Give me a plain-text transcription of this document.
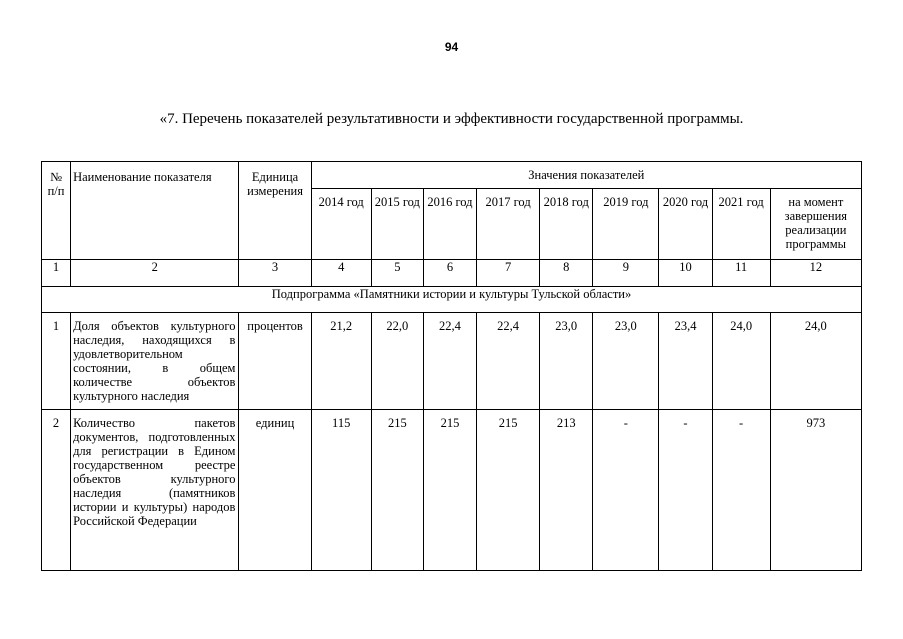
94
«7. Перечень показателей результативности и эффективности государственной программы.
№ п/п	Наименование показателя	Единица измерения	Значения показателей								
			2014 год	2015 год	2016 год	2017 год	2018 год	2019 год	2020 год	2021 год	на момент завершения реализации программы
1	2	3	4	5	6	7	8	9	10	11	12
Подпрограмма «Памятники истории и культуры Тульской области»											
1	Доля объектов культурного наследия, находящихся в удовлетворительном состоянии, в общем количестве объектов культурного наследия	процентов	21,2	22,0	22,4	22,4	23,0	23,0	23,4	24,0	24,0
2	Количество пакетов документов, подготовленных для регистрации в Едином государственном реестре объектов культурного наследия (памятников истории и культуры) народов Российской Федерации	единиц	115	215	215	215	213	-	-	-	973
